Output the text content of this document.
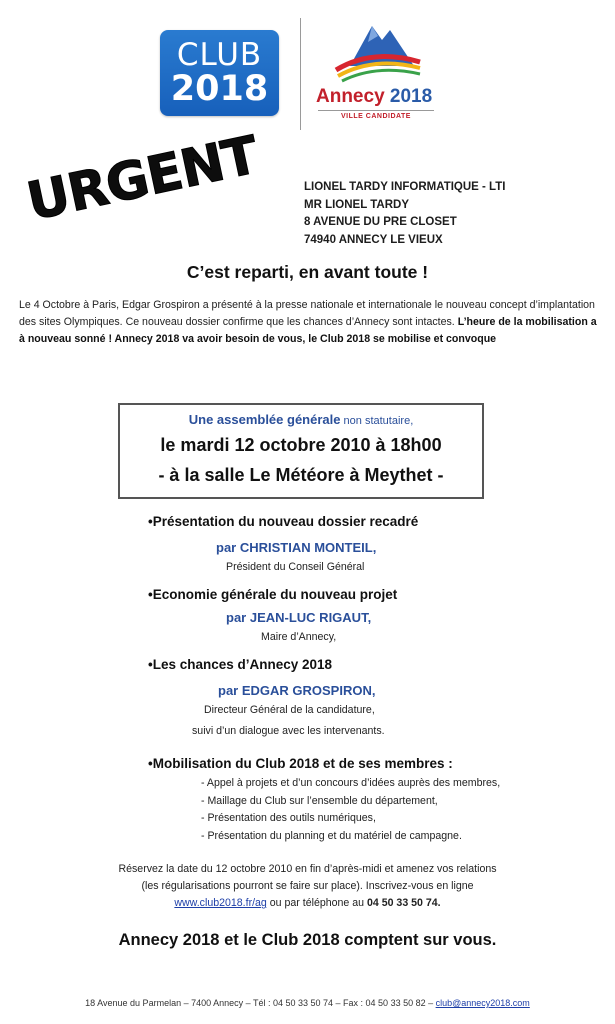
CLUB
2018	Annecy 2018
VILLE CANDIDATE
URGENT	LIONEL TARDY INFORMATIQUE - LTI
MR LIONEL TARDY
8 AVENUE DU PRE CLOSET
74940 ANNECY LE VIEUX
C’est reparti, en avant toute !
Le 4 Octobre à Paris, Edgar Grospiron a présenté à la presse nationale et internationale le nouveau concept d’implantation des sites Olympiques. Ce nouveau dossier confirme que les chances d’Annecy sont intactes. L’heure de la mobilisation a à nouveau sonné ! Annecy 2018 va avoir besoin de vous, le Club 2018 se mobilise et convoque
Une assemblée générale non statutaire,
le mardi 12 octobre 2010 à 18h00
- à la salle Le Météore à Meythet -
•Présentation du nouveau dossier recadré
par CHRISTIAN MONTEIL,
Président du Conseil Général
•Economie générale du nouveau projet
par JEAN-LUC RIGAUT,
Maire d’Annecy,
•Les chances d’Annecy 2018
par EDGAR GROSPIRON,
Directeur Général de la candidature,
suivi d’un dialogue avec les intervenants.
•Mobilisation du Club 2018 et de ses membres :
- Appel à projets et d’un concours d’idées auprès des membres,
- Maillage du Club sur l’ensemble du département,
- Présentation des outils numériques,
- Présentation du planning et du matériel de campagne.
Réservez la date du 12 octobre 2010 en fin d’après-midi et amenez vos relations
(les régularisations pourront se faire sur place). Inscrivez-vous en ligne
www.club2018.fr/ag ou par téléphone au 04 50 33 50 74.
Annecy 2018 et le Club 2018 comptent sur vous.
18 Avenue du Parmelan – 7400 Annecy – Tél : 04 50 33 50 74 – Fax : 04 50 33 50 82 – club@annecy2018.com
